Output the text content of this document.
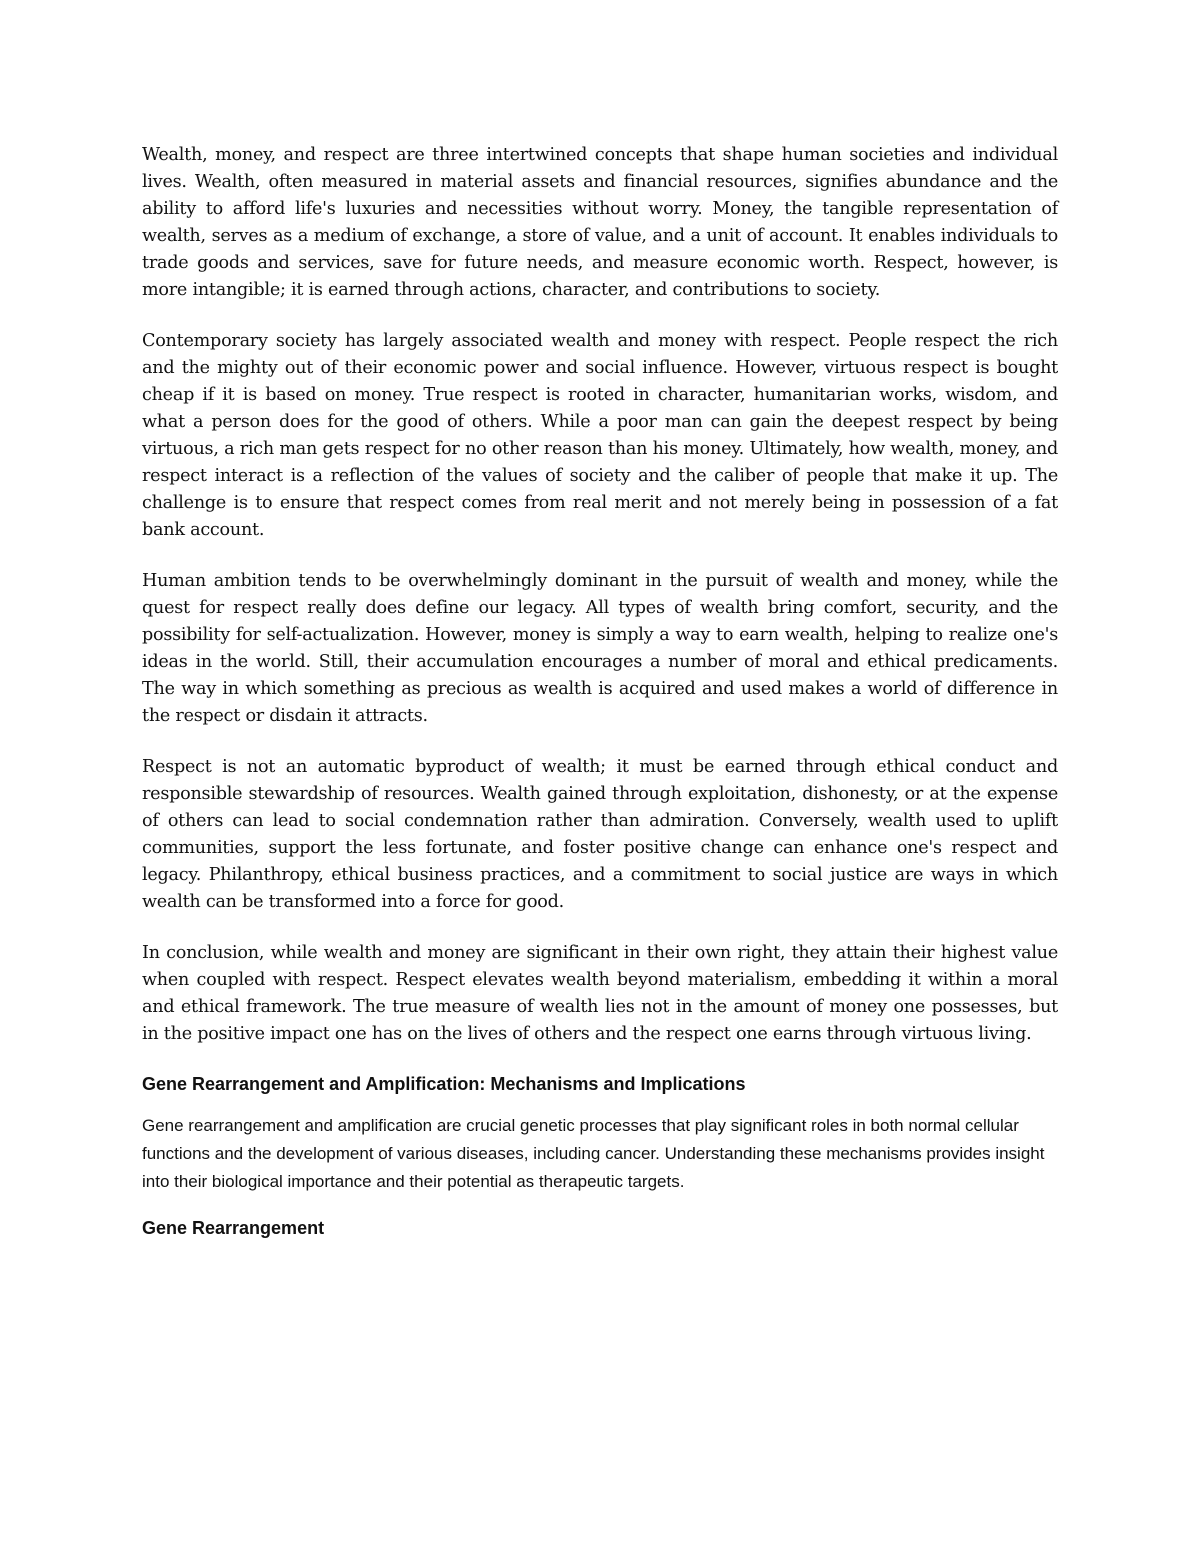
Wealth, money, and respect are three intertwined concepts that shape human societies and individual lives. Wealth, often measured in material assets and financial resources, signifies abundance and the ability to afford life's luxuries and necessities without worry. Money, the tangible representation of wealth, serves as a medium of exchange, a store of value, and a unit of account. It enables individuals to trade goods and services, save for future needs, and measure economic worth. Respect, however, is more intangible; it is earned through actions, character, and contributions to society.

Contemporary society has largely associated wealth and money with respect. People respect the rich and the mighty out of their economic power and social influence. However, virtuous respect is bought cheap if it is based on money. True respect is rooted in character, humanitarian works, wisdom, and what a person does for the good of others. While a poor man can gain the deepest respect by being virtuous, a rich man gets respect for no other reason than his money. Ultimately, how wealth, money, and respect interact is a reflection of the values of society and the caliber of people that make it up. The challenge is to ensure that respect comes from real merit and not merely being in possession of a fat bank account.

Human ambition tends to be overwhelmingly dominant in the pursuit of wealth and money, while the quest for respect really does define our legacy. All types of wealth bring comfort, security, and the possibility for self-actualization. However, money is simply a way to earn wealth, helping to realize one's ideas in the world. Still, their accumulation encourages a number of moral and ethical predicaments. The way in which something as precious as wealth is acquired and used makes a world of difference in the respect or disdain it attracts.

Respect is not an automatic byproduct of wealth; it must be earned through ethical conduct and responsible stewardship of resources. Wealth gained through exploitation, dishonesty, or at the expense of others can lead to social condemnation rather than admiration. Conversely, wealth used to uplift communities, support the less fortunate, and foster positive change can enhance one's respect and legacy. Philanthropy, ethical business practices, and a commitment to social justice are ways in which wealth can be transformed into a force for good.

In conclusion, while wealth and money are significant in their own right, they attain their highest value when coupled with respect. Respect elevates wealth beyond materialism, embedding it within a moral and ethical framework. The true measure of wealth lies not in the amount of money one possesses, but in the positive impact one has on the lives of others and the respect one earns through virtuous living.

Gene Rearrangement and Amplification: Mechanisms and Implications

Gene rearrangement and amplification are crucial genetic processes that play significant roles in both normal cellular functions and the development of various diseases, including cancer. Understanding these mechanisms provides insight into their biological importance and their potential as therapeutic targets.

Gene Rearrangement
